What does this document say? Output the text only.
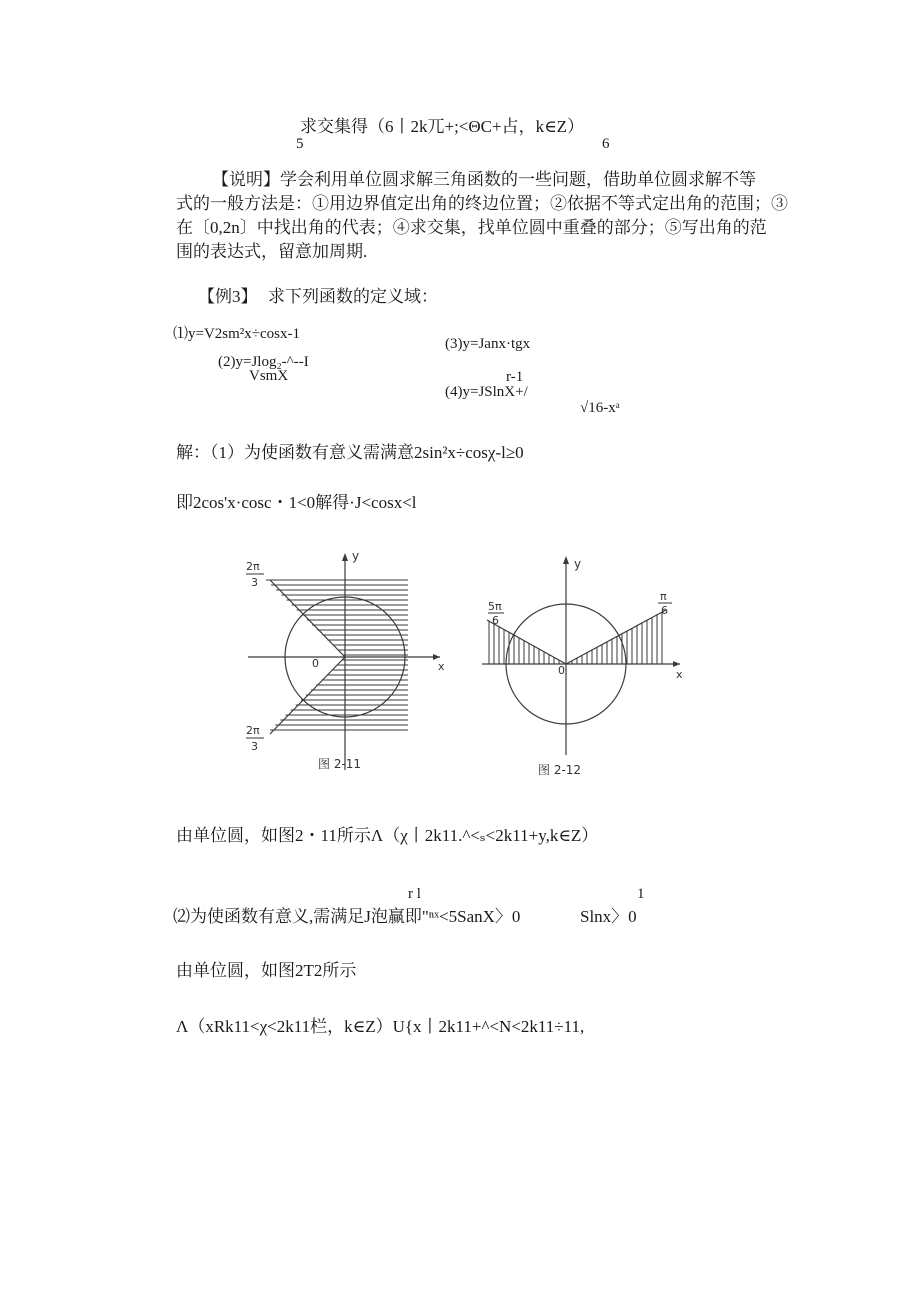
求交集得（6丨2k兀+;<ΘC+占，k∈Z）
5	6
【说明】学会利用单位圆求解三角函数的一些问题，借助单位圆求解不等
式的一般方法是：①用边界值定出角的终边位置；②依据不等式定出角的范围；③
在〔0,2n〕中找出角的代表；④求交集，找单位圆中重叠的部分；⑤写出角的范
围的表达式，留意加周期.
【例3】 求下列函数的定义域：
⑴y=V2sm²x÷cosx-1
(2)y=Jlog₂-^--I
VsmX
(3)y=Janx·tgx
r-1
(4)y=JSlnX+/
√16-xᵃ
解：（1）为使函数有意义需满意2sin²x÷cosχ-l≥0
即2cos'x·cosc・1<0解得·J<cosx<l
y
x
0
2π
3
2π
3
图 2-11
y
x
0
5π
6
π
6
图 2-12
由单位圆，如图2・11所示Λ（χ丨2k11.^<ₛ<2k11+y,k∈Z）
r l	1
⑵为使函数有意义,需满足J泡赢即"ⁿˣ<5SanX〉0	Slnx〉0
由单位圆，如图2T2所示
Λ（xRk11<χ<2k11栏，k∈Z）U{x丨2k11+^<N<2k11÷11,
